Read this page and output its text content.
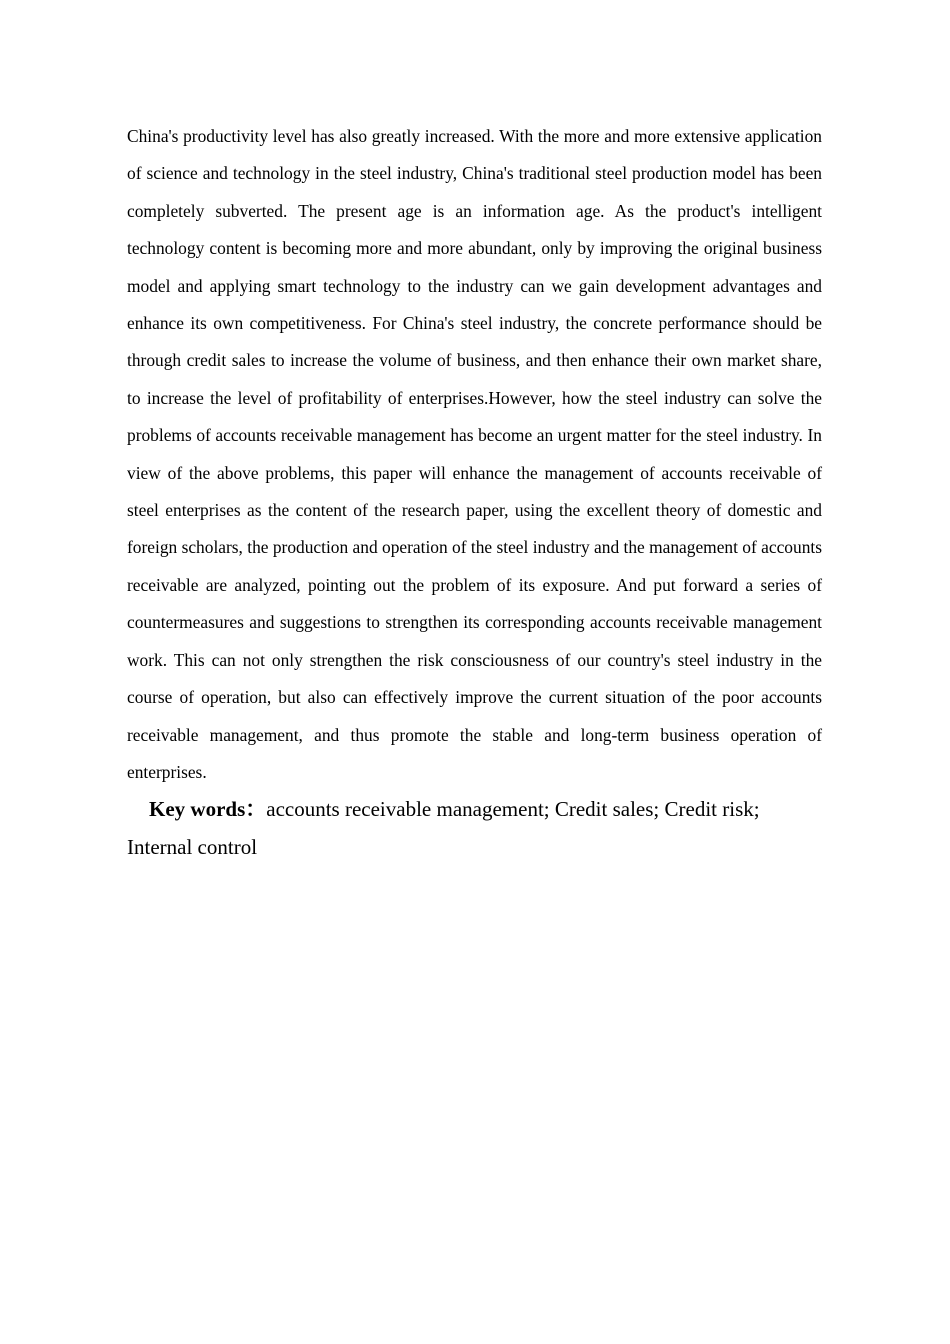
China's productivity level has also greatly increased. With the more and more extensive application of science and technology in the steel industry, China's traditional steel production model has been completely subverted. The present age is an information age. As the product's intelligent technology content is becoming more and more abundant, only by improving the original business model and applying smart technology to the industry can we gain development advantages and enhance its own competitiveness. For China's steel industry, the concrete performance should be through credit sales to increase the volume of business, and then enhance their own market share, to increase the level of profitability of enterprises.However, how the steel industry can solve the problems of accounts receivable management has become an urgent matter for the steel industry. In view of the above problems, this paper will enhance the management of accounts receivable of steel enterprises as the content of the research paper, using the excellent theory of domestic and foreign scholars, the production and operation of the steel industry and the management of accounts receivable are analyzed, pointing out the problem of its exposure. And put forward a series of countermeasures and suggestions to strengthen its corresponding accounts receivable management work. This can not only strengthen the risk consciousness of our country's steel industry in the course of operation, but also can effectively improve the current situation of the poor accounts receivable management, and thus promote the stable and long-term business operation of enterprises.

Key words：accounts receivable management; Credit sales; Credit risk; Internal control
